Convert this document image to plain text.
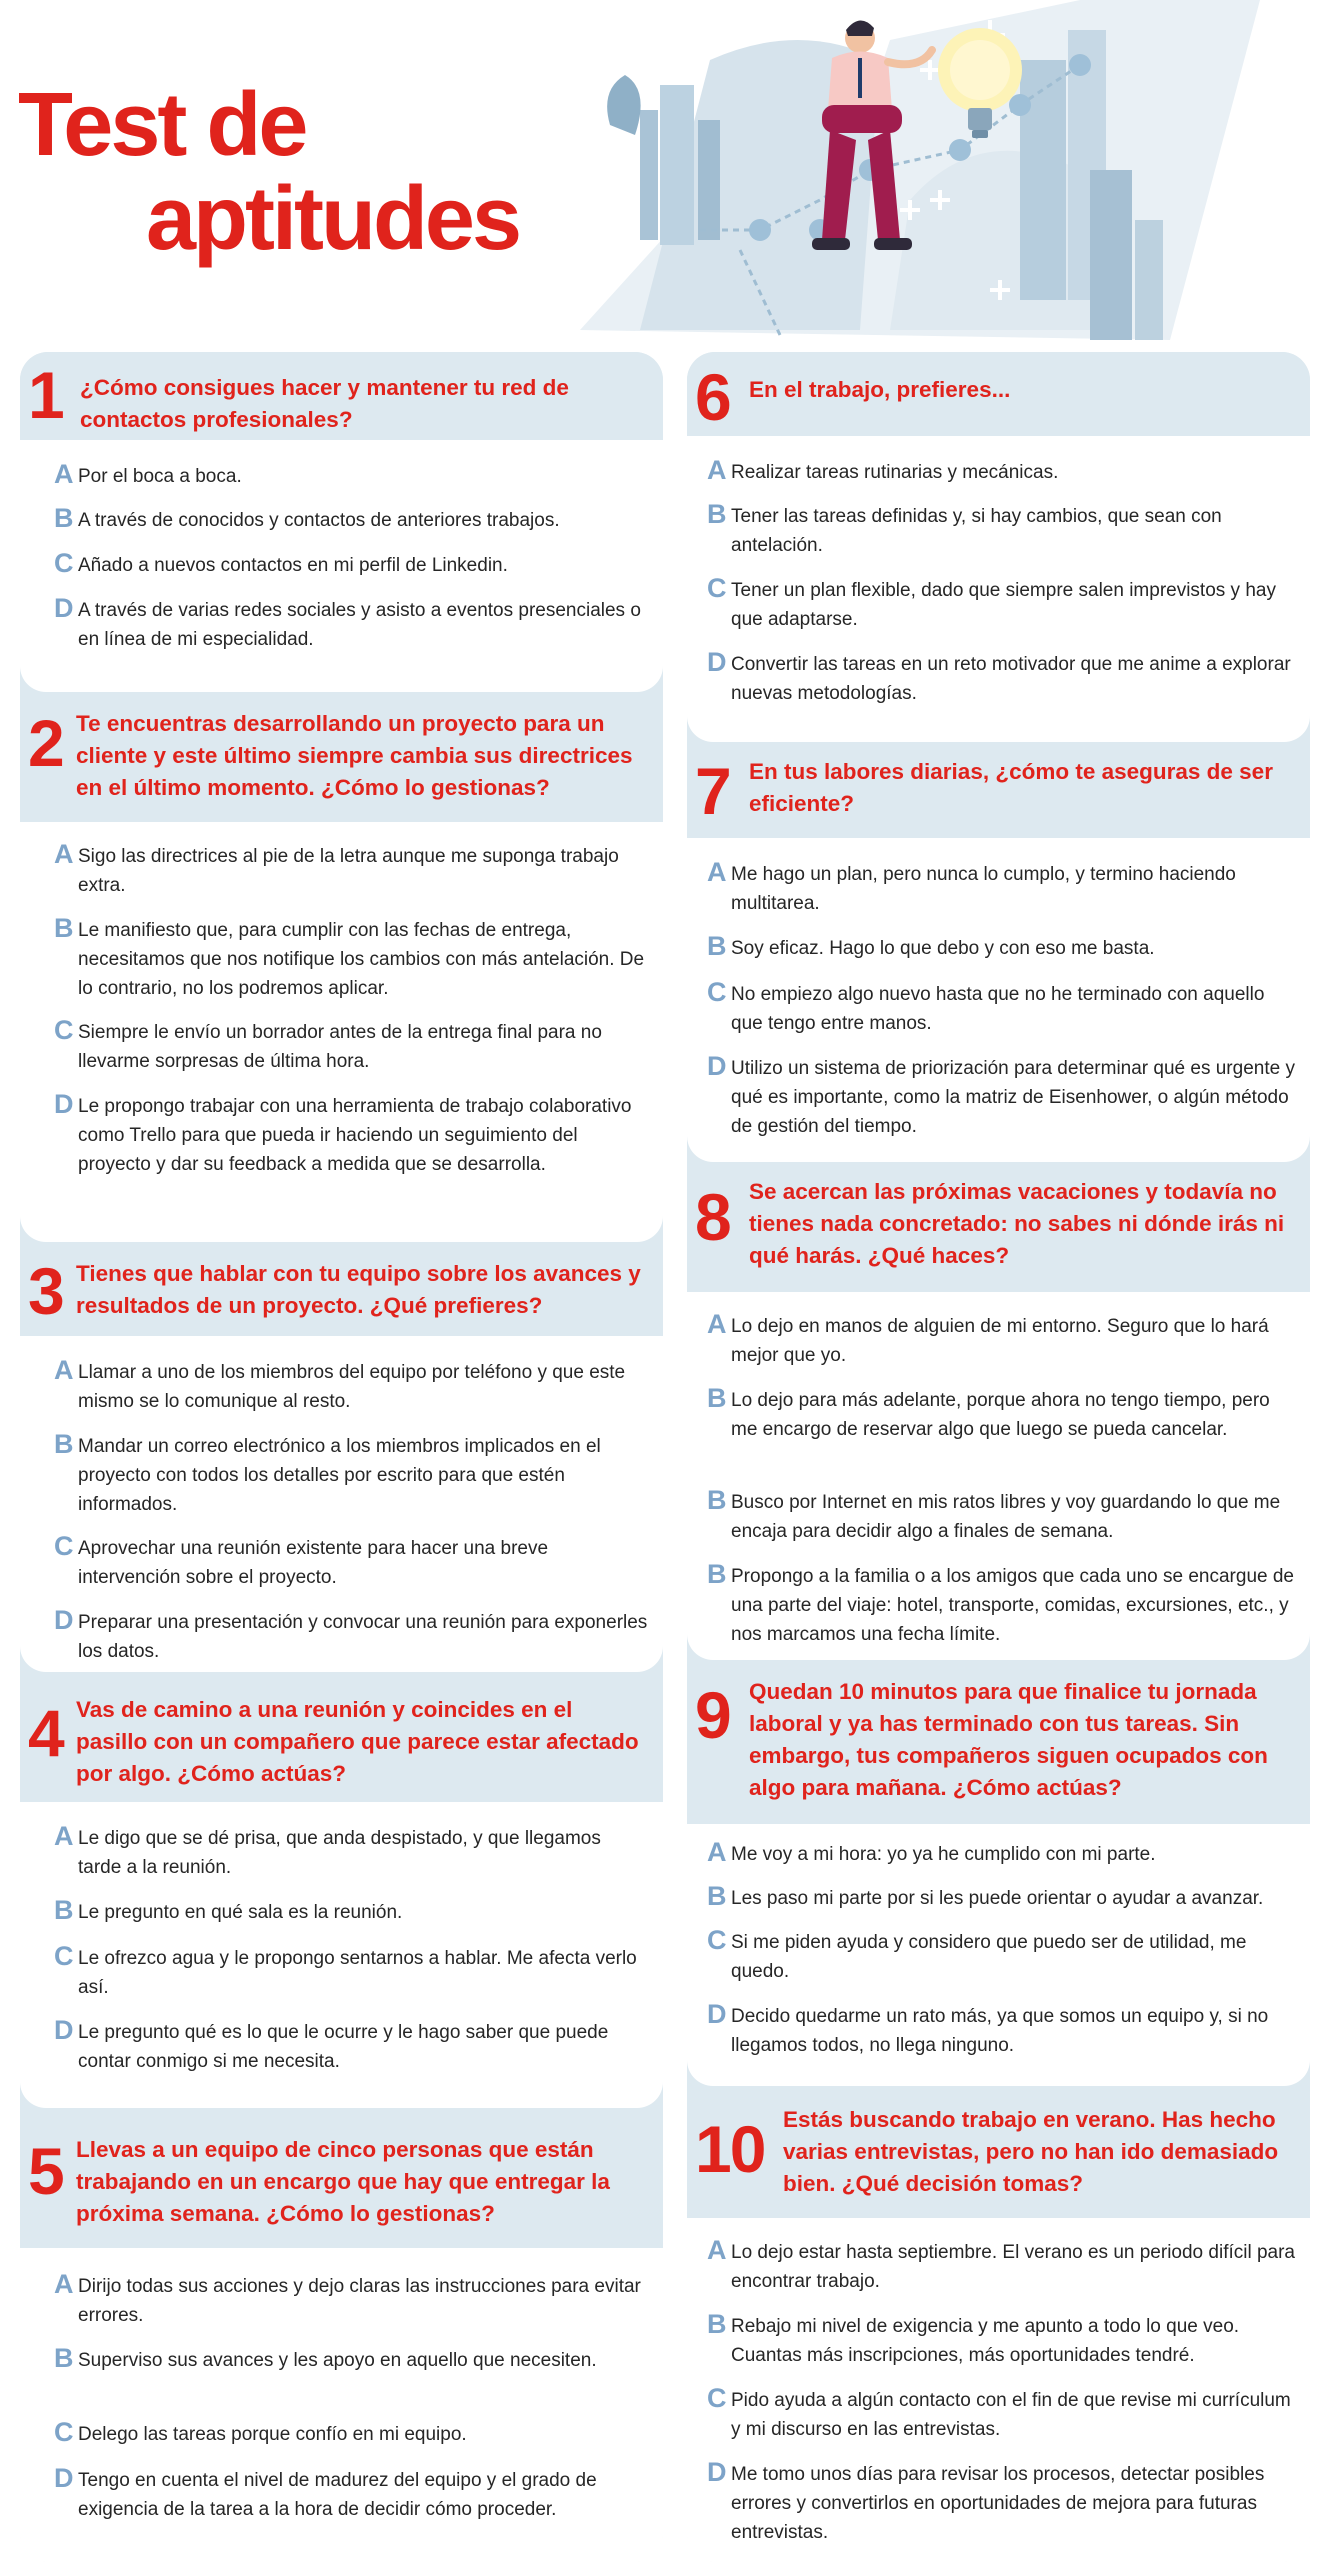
Test de
aptitudes
1 ¿Cómo consigues hacer y mantener tu red de contactos profesionales?
A Por el boca a boca.
B A través de conocidos y contactos de anteriores trabajos.
C Añado a nuevos contactos en mi perfil de Linkedin.
D A través de varias redes sociales y asisto a eventos presenciales o en línea de mi especialidad.
2 Te encuentras desarrollando un proyecto para un cliente y este último siempre cambia sus directrices en el último momento. ¿Cómo lo gestionas?
A Sigo las directrices al pie de la letra aunque me suponga trabajo extra.
B Le manifiesto que, para cumplir con las fechas de entrega, necesitamos que nos notifique los cambios con más antelación. De lo contrario, no los podremos aplicar.
C Siempre le envío un borrador antes de la entrega final para no llevarme sorpresas de última hora.
D Le propongo trabajar con una herramienta de trabajo colaborativo como Trello para que pueda ir haciendo un seguimiento del proyecto y dar su feedback a medida que se desarrolla.
3 Tienes que hablar con tu equipo sobre los avances y resultados de un proyecto. ¿Qué prefieres?
A Llamar a uno de los miembros del equipo por teléfono y que este mismo se lo comunique al resto.
B Mandar un correo electrónico a los miembros implicados en el proyecto con todos los detalles por escrito para que estén informados.
C Aprovechar una reunión existente para hacer una breve intervención sobre el proyecto.
D Preparar una presentación y convocar una reunión para exponerles los datos.
4 Vas de camino a una reunión y coincides en el pasillo con un compañero que parece estar afectado por algo. ¿Cómo actúas?
A Le digo que se dé prisa, que anda despistado, y que llegamos tarde a la reunión.
B Le pregunto en qué sala es la reunión.
C Le ofrezco agua y le propongo sentarnos a hablar. Me afecta verlo así.
D Le pregunto qué es lo que le ocurre y le hago saber que puede contar conmigo si me necesita.
5 Llevas a un equipo de cinco personas que están trabajando en un encargo que hay que entregar la próxima semana. ¿Cómo lo gestionas?
A Dirijo todas sus acciones y dejo claras las instrucciones para evitar errores.
B Superviso sus avances y les apoyo en aquello que necesiten.
C Delego las tareas porque confío en mi equipo.
D Tengo en cuenta el nivel de madurez del equipo y el grado de exigencia de la tarea a la hora de decidir cómo proceder.
6 En el trabajo, prefieres...
A Realizar tareas rutinarias y mecánicas.
B Tener las tareas definidas y, si hay cambios, que sean con antelación.
C Tener un plan flexible, dado que siempre salen imprevistos y hay que adaptarse.
D Convertir las tareas en un reto motivador que me anime a explorar nuevas metodologías.
7 En tus labores diarias, ¿cómo te aseguras de ser eficiente?
A Me hago un plan, pero nunca lo cumplo, y termino haciendo multitarea.
B Soy eficaz. Hago lo que debo y con eso me basta.
C No empiezo algo nuevo hasta que no he terminado con aquello que tengo entre manos.
D Utilizo un sistema de priorización para determinar qué es urgente y qué es importante, como la matriz de Eisenhower, o algún método de gestión del tiempo.
8 Se acercan las próximas vacaciones y todavía no tienes nada concretado: no sabes ni dónde irás ni qué harás. ¿Qué haces?
A Lo dejo en manos de alguien de mi entorno. Seguro que lo hará mejor que yo.
B Lo dejo para más adelante, porque ahora no tengo tiempo, pero me encargo de reservar algo que luego se pueda cancelar.
B Busco por Internet en mis ratos libres y voy guardando lo que me encaja para decidir algo a finales de semana.
B Propongo a la familia o a los amigos que cada uno se encargue de una parte del viaje: hotel, transporte, comidas, excursiones, etc., y nos marcamos una fecha límite.
9 Quedan 10 minutos para que finalice tu jornada laboral y ya has terminado con tus tareas. Sin embargo, tus compañeros siguen ocupados con algo para mañana. ¿Cómo actúas?
A Me voy a mi hora: yo ya he cumplido con mi parte.
B Les paso mi parte por si les puede orientar o ayudar a avanzar.
C Si me piden ayuda y considero que puedo ser de utilidad, me quedo.
D Decido quedarme un rato más, ya que somos un equipo y, si no llegamos todos, no llega ninguno.
10 Estás buscando trabajo en verano. Has hecho varias entrevistas, pero no han ido demasiado bien. ¿Qué decisión tomas?
A Lo dejo estar hasta septiembre. El verano es un periodo difícil para encontrar trabajo.
B Rebajo mi nivel de exigencia y me apunto a todo lo que veo. Cuantas más inscripciones, más oportunidades tendré.
C Pido ayuda a algún contacto con el fin de que revise mi currículum y mi discurso en las entrevistas.
D Me tomo unos días para revisar los procesos, detectar posibles errores y convertirlos en oportunidades de mejora para futuras entrevistas.
